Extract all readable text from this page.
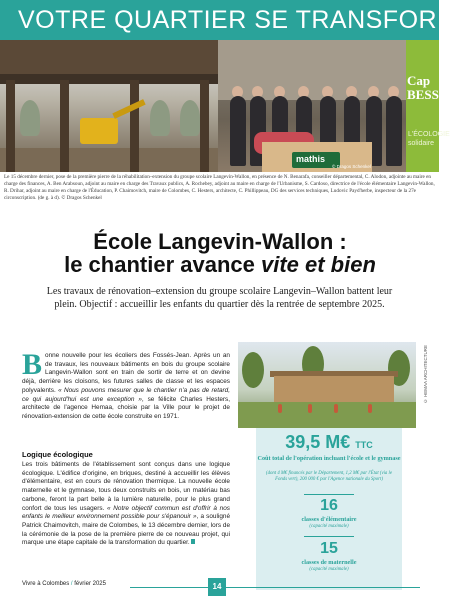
VOTRE QUARTIER SE TRANSFORME
mathis
Cap BESS
L'ÉCOLOGIE solidaire
© Dragos Schenkel
Le 15 décembre dernier, pose de la première pierre de la réhabilitation–extension du groupe scolaire Langevin-Wallon, en présence de N. Benarafa, conseiller départemental, C. Alodon, adjointe au maire en charge des finances, A. Ben Arabsoun, adjoint au maire en charge des Travaux publics, A. Rochebey, adjoint au maire en charge de l'Urbanisme, S. Cardoso, directrice de l'école élémentaire Langevin-Wallon, R. Drihar, adjoint au maire en charge de l'Éducation, P. Chaimovitch, maire de Colombes, C. Hesters, architecte, C. Phillippeau, DG des services techniques, Ludovic Payd'herbe, inspecteur de la 27e circonscription. (de g. à d). © Dragos Schenkel
École Langevin-Wallon :
le chantier avance vite et bien
Les travaux de rénovation–extension du groupe scolaire Langevin–Wallon battent leur plein. Objectif : accueillir les enfants du quartier dès la rentrée de septembre 2025.
Bonne nouvelle pour les écoliers des Fossés-Jean. Après un an de travaux, les nouveaux bâtiments en bois du groupe scolaire Langevin-Wallon sont en train de sortir de terre et on devine déjà, derrière les cloisons, les futures salles de classe et les espaces polyvalents. « Nous pouvons mesurer que le chantier n'a pas de retard, ce qui aujourd'hui est une exception », se félicite Charles Hesters, architecte de l'agence Hemaa, choisie par la Ville pour le projet de rénovation-extension de cette école construite en 1971.
Logique écologique
Les trois bâtiments de l'établissement sont conçus dans une logique écologique. L'édifice d'origine, en briques, destiné à accueillir les élèves d'élémentaire, est en cours de rénovation thermique. La nouvelle école maternelle et le gymnase, tous deux construits en bois, un matériau bas carbone, feront la part belle à la lumière naturelle, pour le plus grand confort de tous les usagers. « Notre objectif commun est d'offrir à nos enfants le meilleur environnement possible pour s'épanouir », a souligné Patrick Chaimovitch, maire de Colombes, le 13 décembre dernier, lors de la cérémonie de la pose de la première pierre de ce nouveau projet, qui marque une étape capitale de la transformation du quartier.
© HEMAA ARCHITECTURE
39,5 M€ TTC
Coût total de l'opération incluant l'école et le gymnase
(dont 4 M€ financés par le Département, 1,2 M€ par l'État (via le Fonds vert), 200 000 € par l'Agence nationale du Sport)
16
classes d'élémentaire
(capacité maximale)
15
classes de maternelle
(capacité maximale)
Vivre à Colombes / février 2025	14
